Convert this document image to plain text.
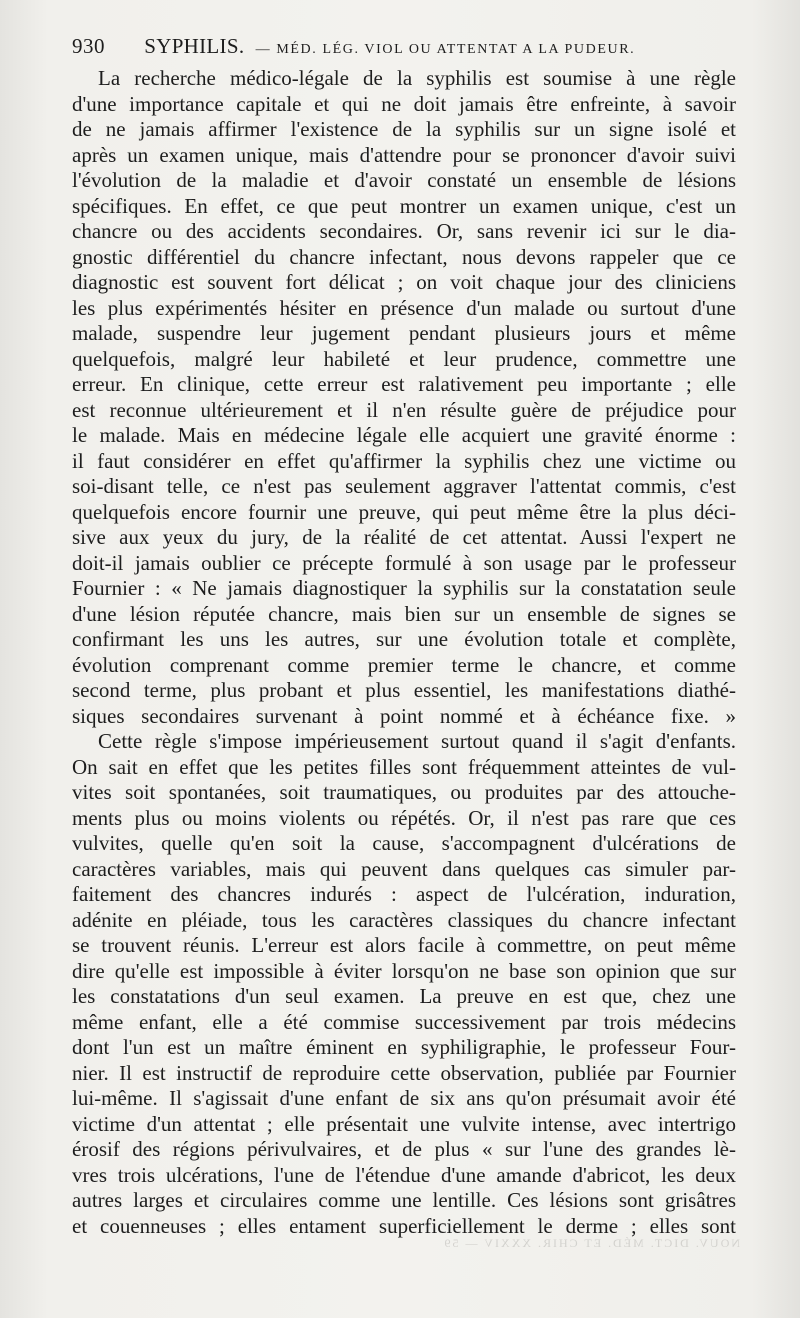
930 SYPHILIS. — MÉD. LÉG. VIOL OU ATTENTAT A LA PUDEUR.
La recherche médico-légale de la syphilis est soumise à une règle
d'une importance capitale et qui ne doit jamais être enfreinte, à savoir
de ne jamais affirmer l'existence de la syphilis sur un signe isolé et
après un examen unique, mais d'attendre pour se prononcer d'avoir suivi
l'évolution de la maladie et d'avoir constaté un ensemble de lésions
spécifiques. En effet, ce que peut montrer un examen unique, c'est un
chancre ou des accidents secondaires. Or, sans revenir ici sur le dia-
gnostic différentiel du chancre infectant, nous devons rappeler que ce
diagnostic est souvent fort délicat ; on voit chaque jour des cliniciens
les plus expérimentés hésiter en présence d'un malade ou surtout d'une
malade, suspendre leur jugement pendant plusieurs jours et même
quelquefois, malgré leur habileté et leur prudence, commettre une
erreur. En clinique, cette erreur est ralativement peu importante ; elle
est reconnue ultérieurement et il n'en résulte guère de préjudice pour
le malade. Mais en médecine légale elle acquiert une gravité énorme :
il faut considérer en effet qu'affirmer la syphilis chez une victime ou
soi-disant telle, ce n'est pas seulement aggraver l'attentat commis, c'est
quelquefois encore fournir une preuve, qui peut même être la plus déci-
sive aux yeux du jury, de la réalité de cet attentat. Aussi l'expert ne
doit-il jamais oublier ce précepte formulé à son usage par le professeur
Fournier : « Ne jamais diagnostiquer la syphilis sur la constatation seule
d'une lésion réputée chancre, mais bien sur un ensemble de signes se
confirmant les uns les autres, sur une évolution totale et complète,
évolution comprenant comme premier terme le chancre, et comme
second terme, plus probant et plus essentiel, les manifestations diathé-
siques secondaires survenant à point nommé et à échéance fixe. »
Cette règle s'impose impérieusement surtout quand il s'agit d'enfants.
On sait en effet que les petites filles sont fréquemment atteintes de vul-
vites soit spontanées, soit traumatiques, ou produites par des attouche-
ments plus ou moins violents ou répétés. Or, il n'est pas rare que ces
vulvites, quelle qu'en soit la cause, s'accompagnent d'ulcérations de
caractères variables, mais qui peuvent dans quelques cas simuler par-
faitement des chancres indurés : aspect de l'ulcération, induration,
adénite en pléiade, tous les caractères classiques du chancre infectant
se trouvent réunis. L'erreur est alors facile à commettre, on peut même
dire qu'elle est impossible à éviter lorsqu'on ne base son opinion que sur
les constatations d'un seul examen. La preuve en est que, chez une
même enfant, elle a été commise successivement par trois médecins
dont l'un est un maître éminent en syphiligraphie, le professeur Four-
nier. Il est instructif de reproduire cette observation, publiée par Fournier
lui-même. Il s'agissait d'une enfant de six ans qu'on présumait avoir été
victime d'un attentat ; elle présentait une vulvite intense, avec intertrigo
érosif des régions périvulvaires, et de plus « sur l'une des grandes lè-
vres trois ulcérations, l'une de l'étendue d'une amande d'abricot, les deux
autres larges et circulaires comme une lentille. Ces lésions sont grisâtres
et couenneuses ; elles entament superficiellement le derme ; elles sont
NOUV. DICT. MÉD. ET CHIR. XXXIV — 59
